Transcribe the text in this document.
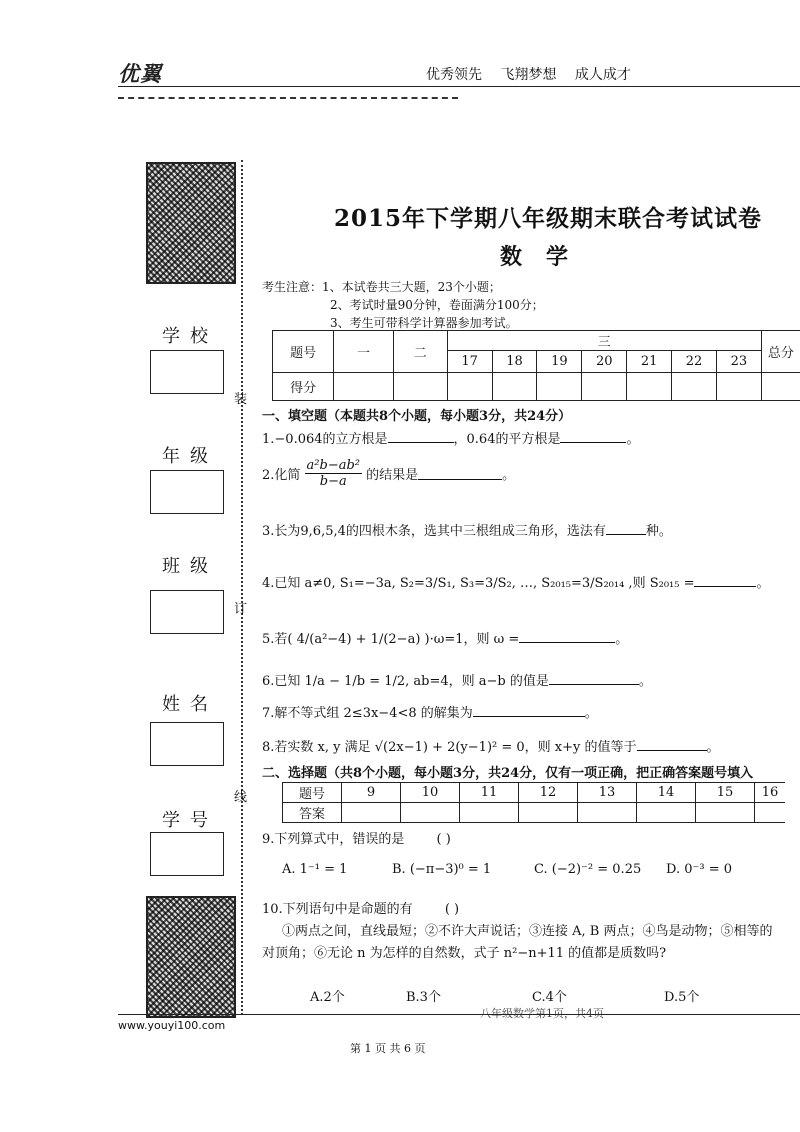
优翼	优秀领先 飞翔梦想 成人成才
学校
年级
班级
姓名
学号
装
订
线
2015年下学期八年级期末联合考试试卷
数学
考生注意：1、本试卷共三大题，23个小题；
2、考试时量90分钟，卷面满分100分；
3、考生可带科学计算器参加考试。
题号	一	二	三							总分
			17	18	19	20	21	22	23	
得分										
一、填空题（本题共8个小题，每小题3分，共24分）
1.−0.064的立方根是	，0.64的平方根是	。
2.化简 $\frac{\text{a²b−ab²}}{b-a}$ 的结果是	。
3.长为9,6,5,4的四根木条，选其中三根组成三角形，选法有	种。
4.已知 a≠0, S₁=−3a, S₂=3/S₁, S₃=3/S₂, …, S₂₀₁₅=3/S₂₀₁₄ ,则 S₂₀₁₅ =	。
5.若( 4/(a²−4) + 1/(2−a) )·ω=1，则 ω =	。
6.已知 1/a − 1/b = 1/2, ab=4，则 a−b 的值是	。
7.解不等式组 2≤3x−4<8 的解集为	。
8.若实数 x, y 满足 √(2x−1) + 2(y−1)² = 0，则 x+y 的值等于	。
二、选择题（共8个小题，每小题3分，共24分，仅有一项正确，把正确答案题号填入
题号	9	10	11	12	13	14	15	16
答案								
9.下列算式中，错误的是 ( )
A. 1⁻¹ = 1	B. (−π−3)⁰ = 1	C. (−2)⁻² = 0.25 D. 0⁻³ = 0
10.下列语句中是命题的有 ( )
①两点之间，直线最短；②不许大声说话；③连接 A, B 两点；④鸟是动物；⑤相等的
对顶角；⑥无论 n 为怎样的自然数，式子 n²−n+11 的值都是质数吗?
A.2个	B.3个	C.4个	D.5个
八年级数学第1页，共4页
www.youyi100.com
第 1 页 共 6 页
